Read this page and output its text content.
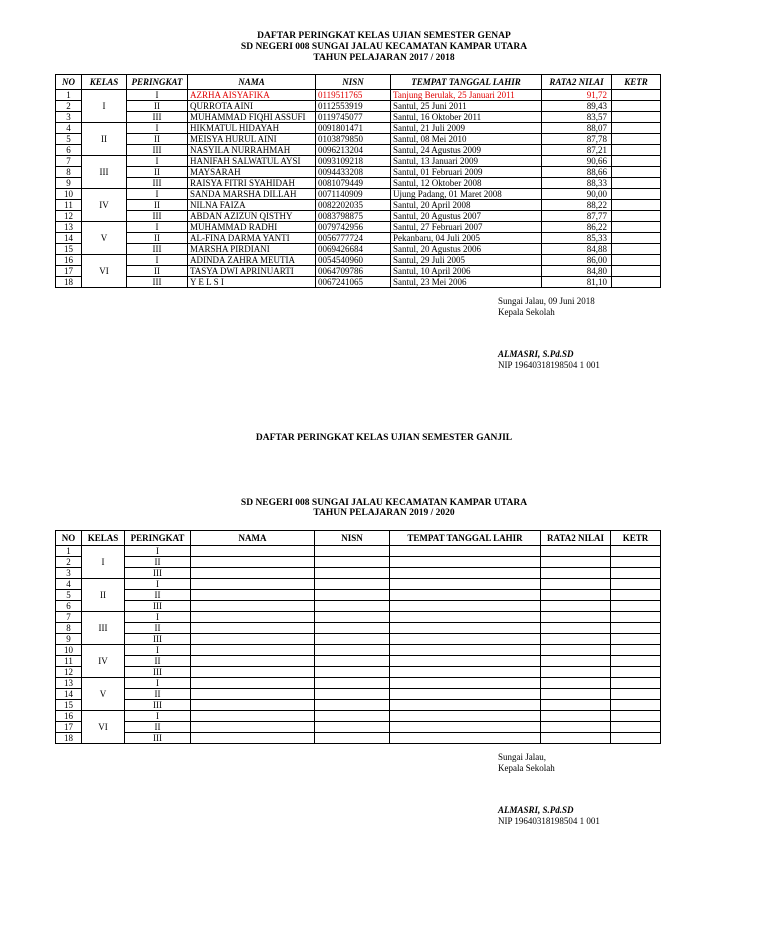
DAFTAR PERINGKAT KELAS UJIAN SEMESTER GENAP
SD NEGERI 008 SUNGAI JALAU KECAMATAN KAMPAR UTARA
TAHUN PELAJARAN 2017 / 2018
NO	KELAS	PERINGKAT	NAMA	NISN	TEMPAT TANGGAL LAHIR	RATA2 NILAI	KETR
1	I	I	AZRHA AISYAFIKA	0119511765	Tanjung Berulak, 25 Januari 2011	91,72	
2		II	QURROTA AINI	0112553919	Santul, 25 Juni 2011	89,43	
3		III	MUHAMMAD FIQHI ASSUFI	0119745077	Santul, 16 Oktober 2011	83,57	
4	II	I	HIKMATUL HIDAYAH	0091801471	Santul, 21 Juli 2009	88,07	
5		II	MEISYA HURUL AINI	0103879850	Santul, 08 Mei 2010	87,78	
6		III	NASYILA NURRAHMAH	0096213204	Santul, 24 Agustus 2009	87,21	
7	III	I	HANIFAH SALWATUL AYSI	0093109218	Santul, 13 Januari 2009	90,66	
8		II	MAYSARAH	0094433208	Santul, 01 Februari 2009	88,66	
9		III	RAISYA FITRI SYAHIDAH	0081079449	Santul, 12 Oktober 2008	88,33	
10	IV	I	SANDA MARSHA DILLAH	0071140909	Ujung Padang, 01 Maret 2008	90,00	
11		II	NILNA FAIZA	0082202035	Santul, 20 April 2008	88,22	
12		III	ABDAN AZIZUN QISTHY	0083798875	Santul, 20 Agustus 2007	87,77	
13	V	I	MUHAMMAD RADHI	0079742956	Santul, 27 Februari 2007	86,22	
14		II	AL-FINA DARMA YANTI	0056777724	Pekanbaru, 04 Juli 2005	85,33	
15		III	MARSHA PIRDIANI	0069426684	Santul, 20 Agustus 2006	84,88	
16	VI	I	ADINDA ZAHRA MEUTIA	0054540960	Santul, 29 Juli 2005	86,00	
17		II	TASYA DWI APRINUARTI	0064709786	Santul, 10 April 2006	84,80	
18		III	Y E L S I	0067241065	Santul, 23 Mei 2006	81,10	
Sungai Jalau, 09 Juni 2018
Kepala Sekolah
ALMASRI, S.Pd.SD
NIP 19640318198504 1 001
DAFTAR PERINGKAT KELAS UJIAN SEMESTER GANJIL
SD NEGERI 008 SUNGAI JALAU KECAMATAN KAMPAR UTARA
TAHUN PELAJARAN 2019 / 2020
NO	KELAS	PERINGKAT	NAMA	NISN	TEMPAT TANGGAL LAHIR	RATA2 NILAI	KETR
1	I	I					
2		II					
3		III					
4	II	I					
5		II					
6		III					
7	III	I					
8		II					
9		III					
10	IV	I					
11		II					
12		III					
13	V	I					
14		II					
15		III					
16	VI	I					
17		II					
18		III					
Sungai Jalau,
Kepala Sekolah
ALMASRI, S.Pd.SD
NIP 19640318198504 1 001
